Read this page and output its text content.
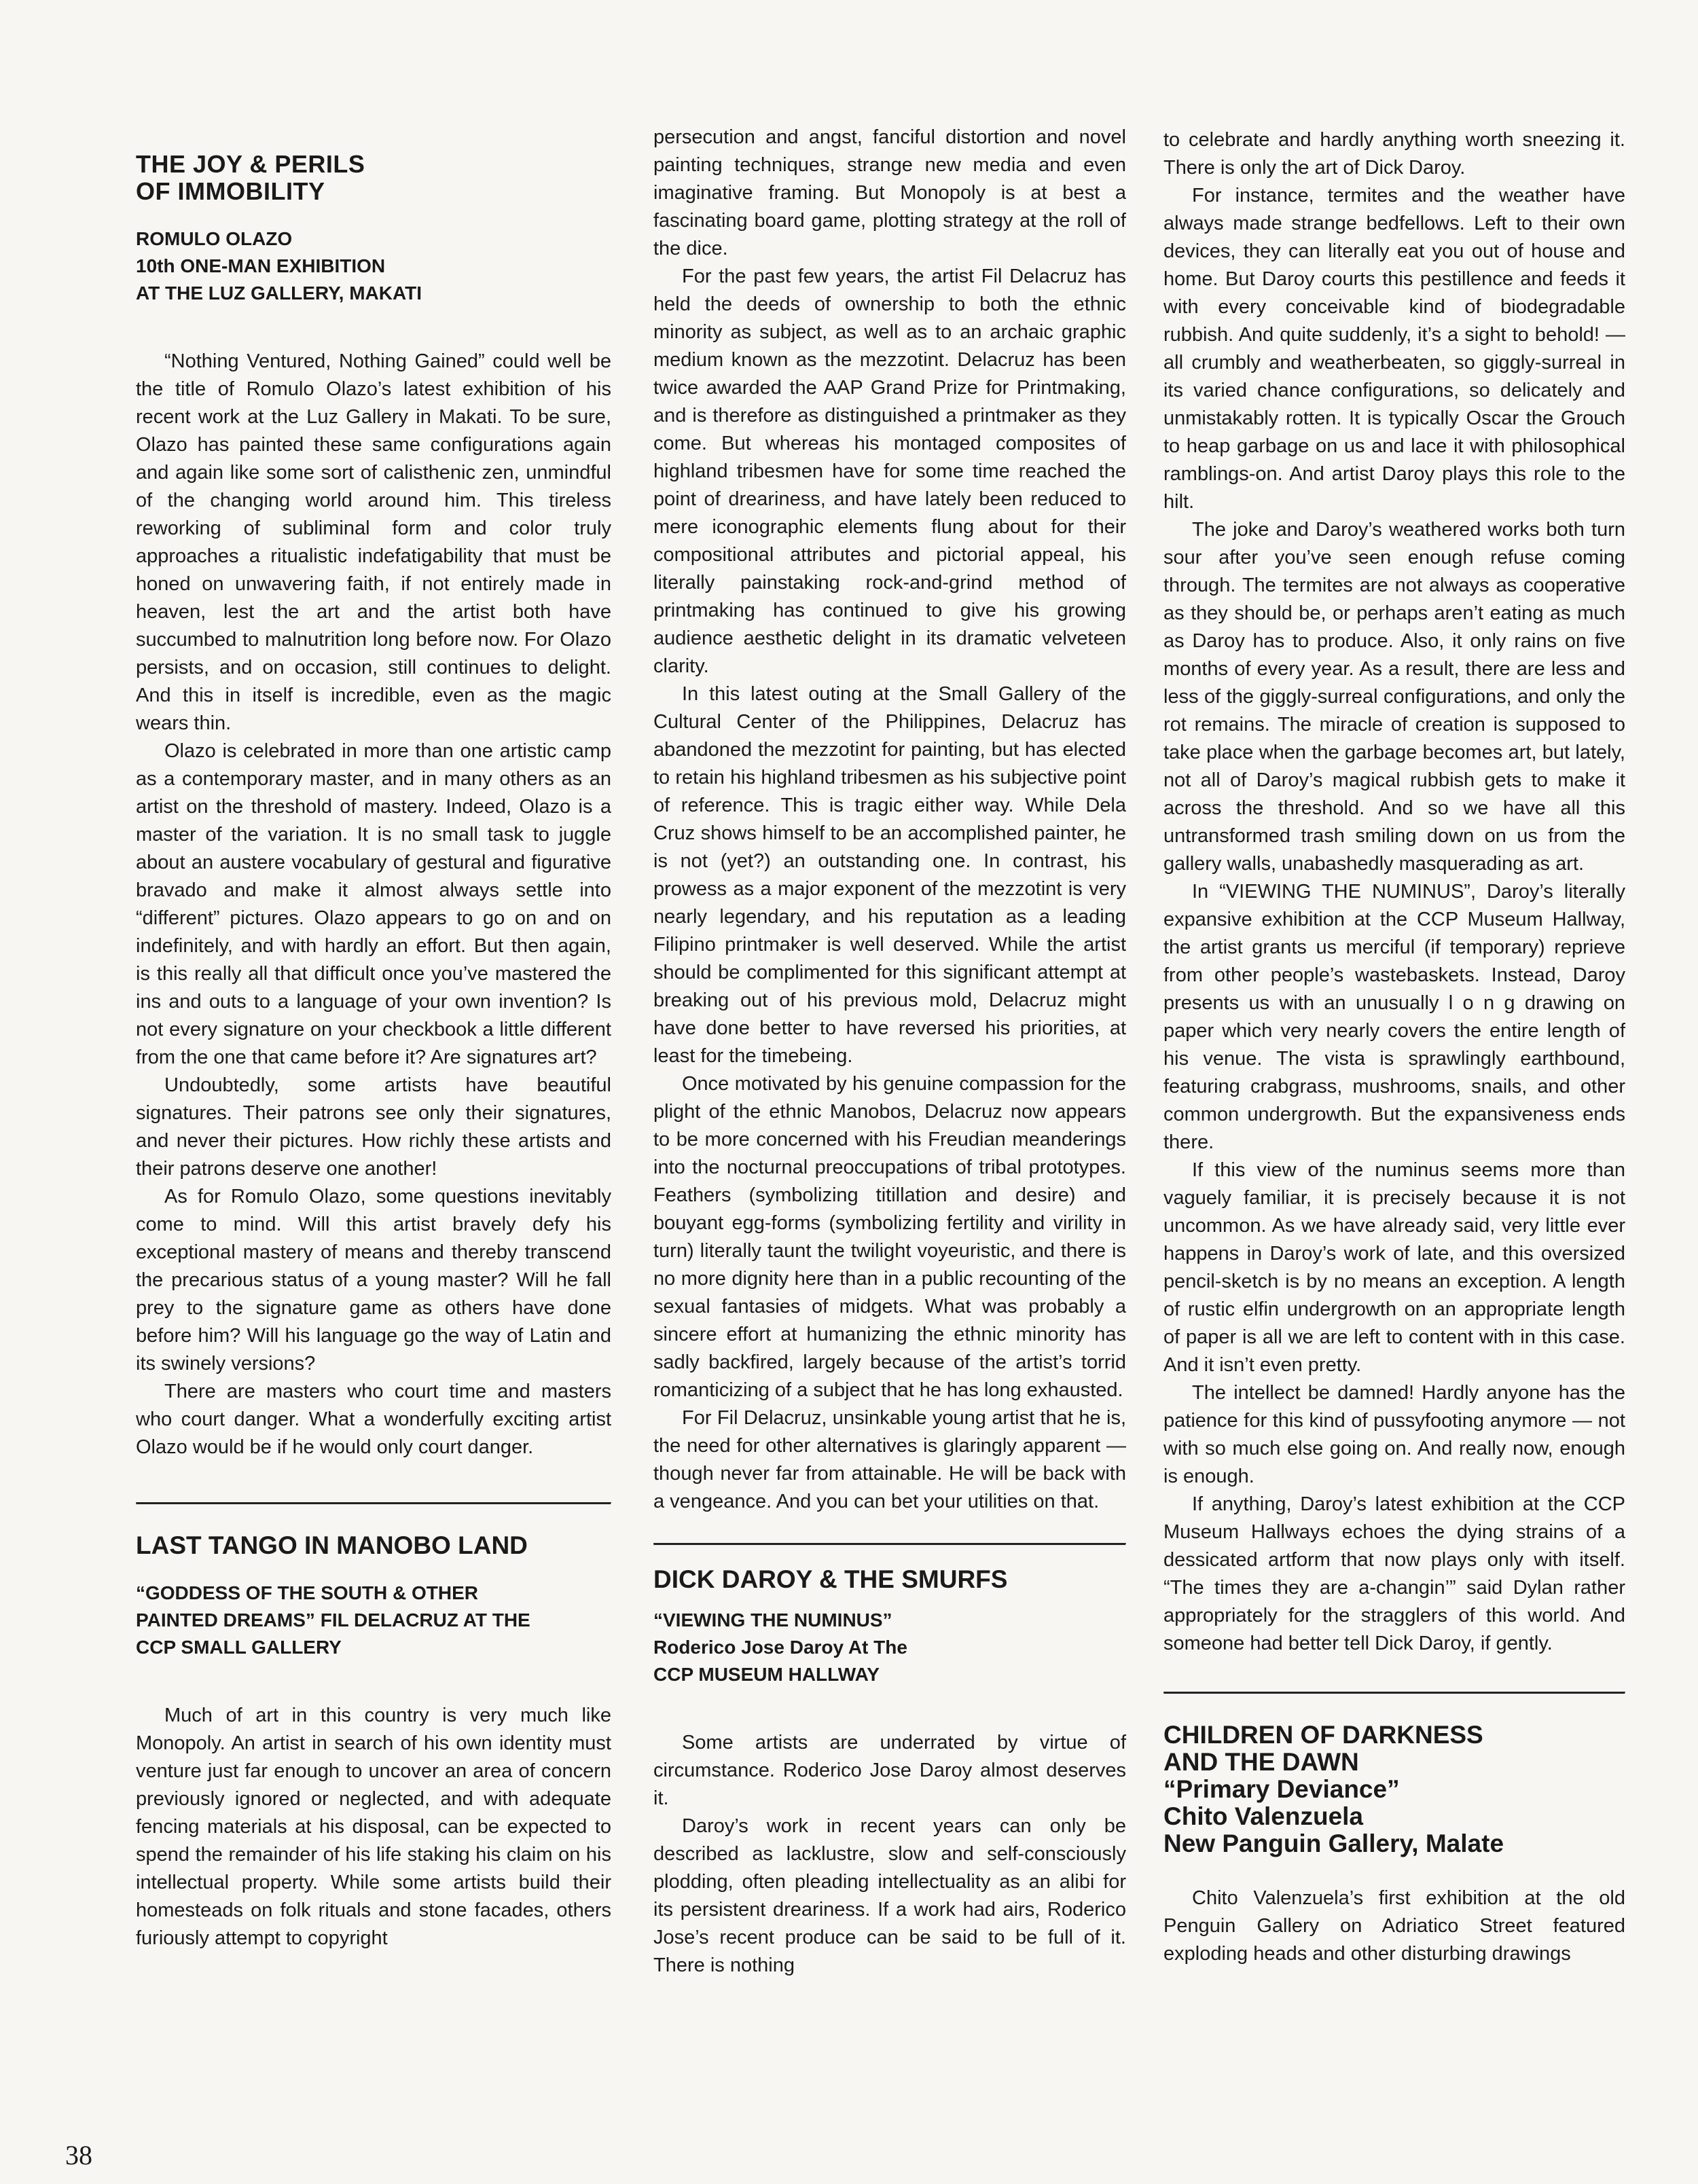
THE JOY & PERILS

OF IMMOBILITY

ROMULO OLAZO

10th ONE-MAN EXHIBITION

AT THE LUZ GALLERY, MAKATI

“Nothing Ventured, Nothing Gained” could well be the title of Romulo Olazo’s latest exhibition of his recent work at the Luz Gallery in Makati. To be sure, Olazo has painted these same configurations again and again like some sort of calisthenic zen, unmindful of the changing world around him. This tireless reworking of subliminal form and color truly approaches a ritualistic indefatigability that must be honed on unwavering faith, if not entirely made in heaven, lest the art and the artist both have succumbed to malnutrition long before now. For Olazo persists, and on occasion, still continues to delight. And this in itself is incredible, even as the magic wears thin.

Olazo is celebrated in more than one artistic camp as a contemporary master, and in many others as an artist on the threshold of mastery. Indeed, Olazo is a master of the variation. It is no small task to juggle about an austere vocabulary of gestural and figurative bravado and make it almost always settle into “different” pictures. Olazo appears to go on and on indefinitely, and with hardly an effort. But then again, is this really all that difficult once you’ve mastered the ins and outs to a language of your own invention? Is not every signature on your checkbook a little different from the one that came before it? Are signatures art?

Undoubtedly, some artists have beautiful signatures. Their patrons see only their signatures, and never their pictures. How richly these artists and their patrons deserve one another!

As for Romulo Olazo, some questions inevitably come to mind. Will this artist bravely defy his exceptional mastery of means and thereby transcend the precarious status of a young master? Will he fall prey to the signature game as others have done before him? Will his language go the way of Latin and its swinely versions?

There are masters who court time and masters who court danger. What a wonderfully exciting artist Olazo would be if he would only court danger.

LAST TANGO IN MANOBO LAND

“GODDESS OF THE SOUTH & OTHER

PAINTED DREAMS” FIL DELACRUZ AT THE

CCP SMALL GALLERY

Much of art in this country is very much like Monopoly. An artist in search of his own identity must venture just far enough to uncover an area of concern previously ignored or neglected, and with adequate fencing materials at his disposal, can be expected to spend the remainder of his life staking his claim on his intellectual property. While some artists build their homesteads on folk rituals and stone facades, others furiously attempt to copyright

persecution and angst, fanciful distortion and novel painting techniques, strange new media and even imaginative framing. But Monopoly is at best a fascinating board game, plotting strategy at the roll of the dice.

For the past few years, the artist Fil Delacruz has held the deeds of ownership to both the ethnic minority as subject, as well as to an archaic graphic medium known as the mezzotint. Delacruz has been twice awarded the AAP Grand Prize for Printmaking, and is therefore as distinguished a printmaker as they come. But whereas his montaged composites of highland tribesmen have for some time reached the point of dreariness, and have lately been reduced to mere iconographic elements flung about for their compositional attributes and pictorial appeal, his literally painstaking rock-and-grind method of printmaking has continued to give his growing audience aesthetic delight in its dramatic velveteen clarity.

In this latest outing at the Small Gallery of the Cultural Center of the Philippines, Delacruz has abandoned the mezzotint for painting, but has elected to retain his highland tribesmen as his subjective point of reference. This is tragic either way. While Dela Cruz shows himself to be an accomplished painter, he is not (yet?) an outstanding one. In contrast, his prowess as a major exponent of the mezzotint is very nearly legendary, and his reputation as a leading Filipino printmaker is well deserved. While the artist should be complimented for this significant attempt at breaking out of his previous mold, Delacruz might have done better to have reversed his priorities, at least for the timebeing.

Once motivated by his genuine compassion for the plight of the ethnic Manobos, Delacruz now appears to be more concerned with his Freudian meanderings into the nocturnal preoccupations of tribal prototypes. Feathers (symbolizing titillation and desire) and bouyant egg-forms (symbolizing fertility and virility in turn) literally taunt the twilight voyeuristic, and there is no more dignity here than in a public recounting of the sexual fantasies of midgets. What was probably a sincere effort at humanizing the ethnic minority has sadly backfired, largely because of the artist’s torrid romanticizing of a subject that he has long exhausted.

For Fil Delacruz, unsinkable young artist that he is, the need for other alternatives is glaringly apparent — though never far from attainable. He will be back with a vengeance. And you can bet your utilities on that.

DICK DAROY & THE SMURFS

“VIEWING THE NUMINUS”

Roderico Jose Daroy At The

CCP MUSEUM HALLWAY

Some artists are underrated by virtue of circumstance. Roderico Jose Daroy almost deserves it.

Daroy’s work in recent years can only be described as lacklustre, slow and self-consciously plodding, often pleading intellectuality as an alibi for its persistent dreariness. If a work had airs, Roderico Jose’s recent produce can be said to be full of it. There is nothing

to celebrate and hardly anything worth sneezing it. There is only the art of Dick Daroy.

For instance, termites and the weather have always made strange bedfellows. Left to their own devices, they can literally eat you out of house and home. But Daroy courts this pestillence and feeds it with every conceivable kind of biodegradable rubbish. And quite suddenly, it’s a sight to behold! — all crumbly and weatherbeaten, so giggly-surreal in its varied chance configurations, so delicately and unmistakably rotten. It is typically Oscar the Grouch to heap garbage on us and lace it with philosophical ramblings-on. And artist Daroy plays this role to the hilt.

The joke and Daroy’s weathered works both turn sour after you’ve seen enough refuse coming through. The termites are not always as cooperative as they should be, or perhaps aren’t eating as much as Daroy has to produce. Also, it only rains on five months of every year. As a result, there are less and less of the giggly-surreal configurations, and only the rot remains. The miracle of creation is supposed to take place when the garbage becomes art, but lately, not all of Daroy’s magical rubbish gets to make it across the threshold. And so we have all this untransformed trash smiling down on us from the gallery walls, unabashedly masquerading as art.

In “VIEWING THE NUMINUS”, Daroy’s literally expansive exhibition at the CCP Museum Hallway, the artist grants us merciful (if temporary) reprieve from other people’s wastebaskets. Instead, Daroy presents us with an unusually l o n g drawing on paper which very nearly covers the entire length of his venue. The vista is sprawlingly earthbound, featuring crabgrass, mushrooms, snails, and other common undergrowth. But the expansiveness ends there.

If this view of the numinus seems more than vaguely familiar, it is precisely because it is not uncommon. As we have already said, very little ever happens in Daroy’s work of late, and this oversized pencil-sketch is by no means an exception. A length of rustic elfin undergrowth on an appropriate length of paper is all we are left to content with in this case. And it isn’t even pretty.

The intellect be damned! Hardly anyone has the patience for this kind of pussyfooting anymore — not with so much else going on. And really now, enough is enough.

If anything, Daroy’s latest exhibition at the CCP Museum Hallways echoes the dying strains of a dessicated artform that now plays only with itself. “The times they are a-changin’” said Dylan rather appropriately for the stragglers of this world. And someone had better tell Dick Daroy, if gently.

CHILDREN OF DARKNESS

AND THE DAWN

“Primary Deviance”

Chito Valenzuela

New Panguin Gallery, Malate

Chito Valenzuela’s first exhibition at the old Penguin Gallery on Adriatico Street featured exploding heads and other disturbing drawings

38
